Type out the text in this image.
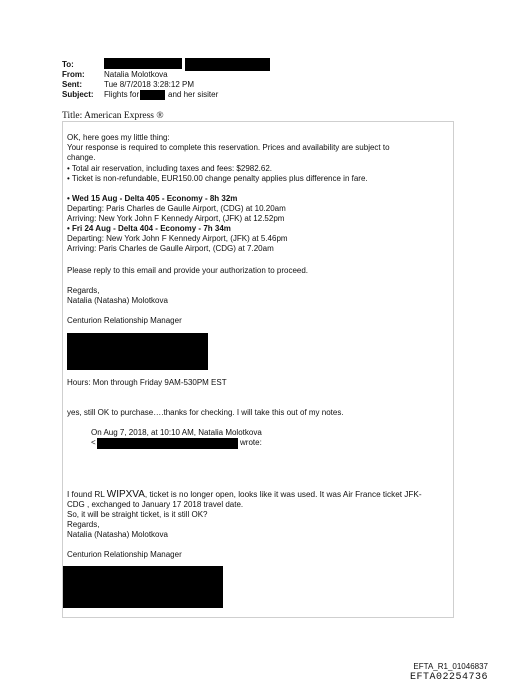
To:
From: Natalia Molotkova
Sent:	Tue 8/7/2018 3:28:12 PM
Subject: Flights for	and her sisiter
Title: American Express ®
OK, here goes my little thing:
Your response is required to complete this reservation. Prices and availability are subject to
change.
• Total air reservation, including taxes and fees: $2982.62.
• Ticket is non-refundable, EUR150.00 change penalty applies plus difference in fare.
• Wed 15 Aug - Delta 405 - Economy - 8h 32m
Departing: Paris Charles de Gaulle Airport, (CDG) at 10.20am
Arriving: New York John F Kennedy Airport, (JFK) at 12.52pm
• Fri 24 Aug - Delta 404 - Economy - 7h 34m
Departing: New York John F Kennedy Airport, (JFK) at 5.46pm
Arriving: Paris Charles de Gaulle Airport, (CDG) at 7.20am
Please reply to this email and provide your authorization to proceed.
Regards,
Natalia (Natasha) Molotkova
Centurion Relationship Manager
Hours: Mon through Friday 9AM-530PM EST
yes, still OK to purchase….thanks for checking. I will take this out of my notes.
On Aug 7, 2018, at 10:10 AM, Natalia Molotkova
<	wrote:
I found RL WIPXVA, ticket is no longer open, looks like it was used. It was Air France ticket JFK-
CDG , exchanged to January 17 2018 travel date.
So, it will be straight ticket, is it still OK?
Regards,
Natalia (Natasha) Molotkova
Centurion Relationship Manager
EFTA_R1_01046837
EFTA02254736
